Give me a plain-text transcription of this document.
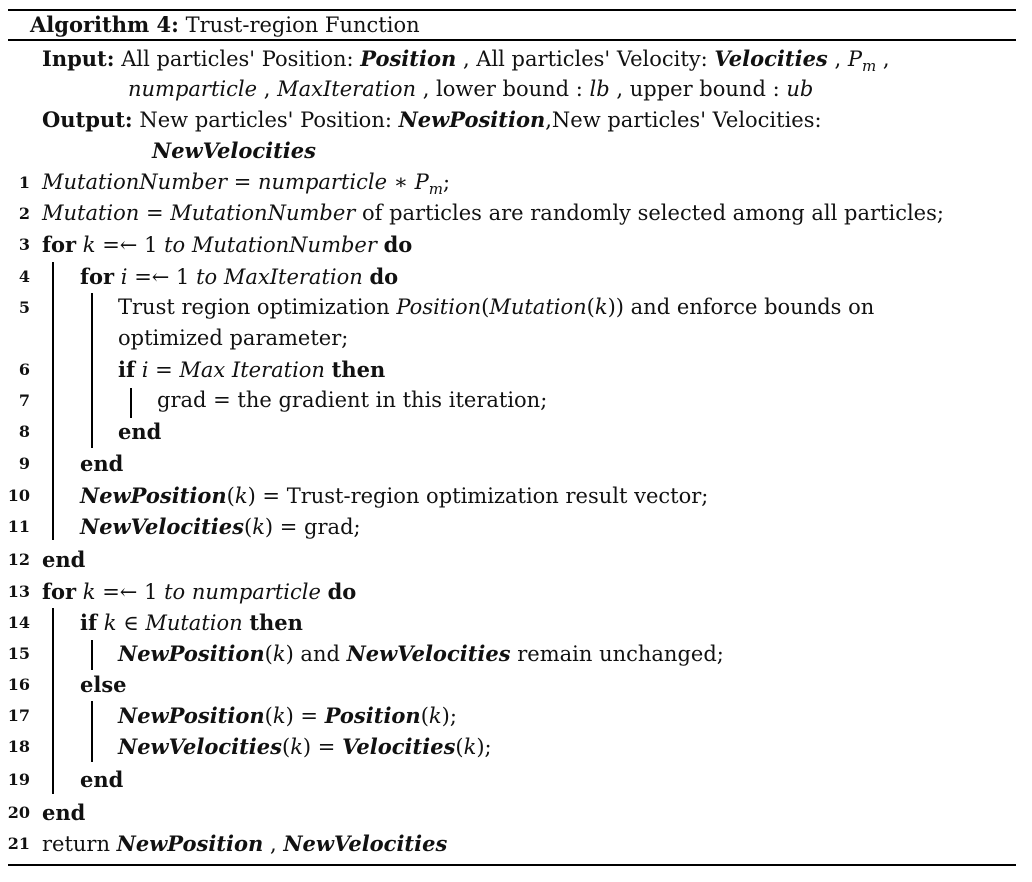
Algorithm 4: Trust-region Function
Input: All particles' Position: Position , All particles' Velocity: Velocities , $P_m$ ,
numparticle , MaxIteration , lower bound : lb , upper bound : ub
Output: New particles' Position: NewPosition,New particles' Velocities:
NewVelocities
1 MutationNumber = numparticle ∗ $P_m$;
2 Mutation = MutationNumber of particles are randomly selected among all particles;
3 for k =← 1 to MutationNumber do
4 for i =← 1 to MaxIteration do
5	Trust region optimization Position(Mutation(k)) and enforce bounds on
optimized parameter;
6	if i = Max Iteration then
7	grad = the gradient in this iteration;
8	end
9 end
10 NewPosition(k) = Trust-region optimization result vector;
11 NewVelocities(k) = grad;
12 end
13 for k =← 1 to numparticle do
14 if k ∈ Mutation then
15	NewPosition(k) and NewVelocities remain unchanged;
16 else
17	NewPosition(k) = Position(k);
18	NewVelocities(k) = Velocities(k);
19 end
20 end
21 return NewPosition , NewVelocities
